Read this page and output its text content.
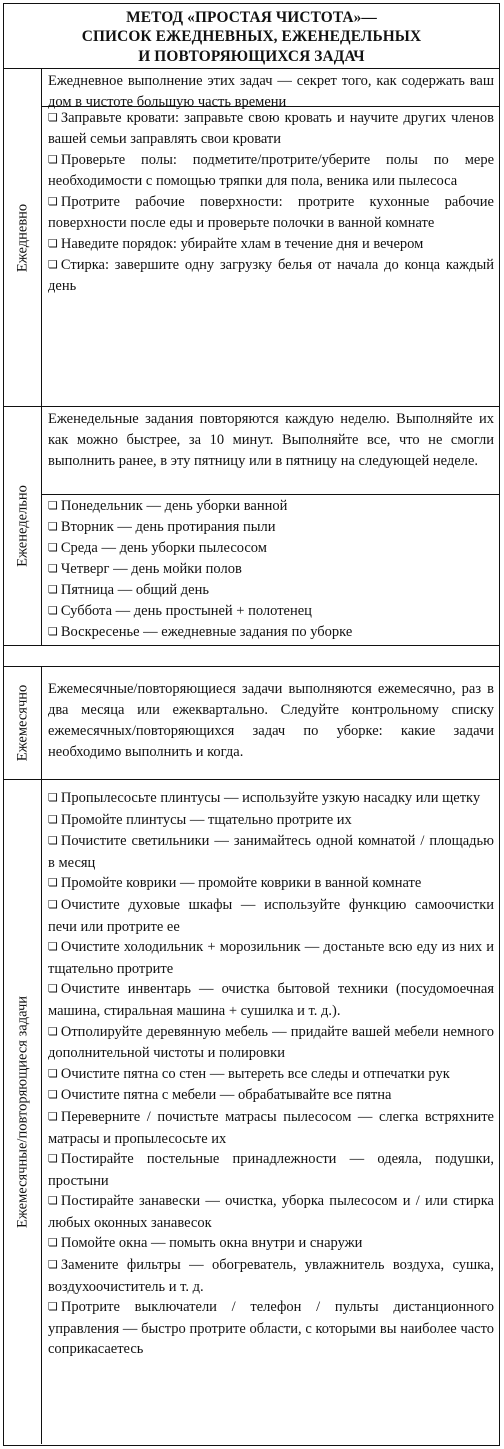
МЕТОД «ПРОСТАЯ ЧИСТОТА»—
СПИСОК ЕЖЕДНЕВНЫХ, ЕЖЕНЕДЕЛЬНЫХ
И ПОВТОРЯЮЩИХСЯ ЗАДАЧ
Ежедневно
Ежедневное выполнение этих задач — секрет того, как содержать ваш дом в чистоте большую часть времени

❏ Заправьте кровати: заправьте свою кровать и научите других членов вашей семьи заправлять свои кровати

❏ Проверьте полы: подметите/протрите/уберите полы по мере необходимости с помощью тряпки для пола, веника или пылесоса

❏ Протрите рабочие поверхности: протрите кухонные рабочие поверхности после еды и проверьте полочки в ванной комнате

❏ Наведите порядок: убирайте хлам в течение дня и вечером

❏ Стирка: завершите одну загрузку белья от начала до конца каждый день

Еженедельно
Еженедельные задания повторяются каждую неделю. Выполняйте их как можно быстрее, за 10 минут. Выполняйте все, что не смогли выполнить ранее, в эту пятницу или в пятницу на следующей неделе.

❏ Понедельник — день уборки ванной

❏ Вторник — день протирания пыли

❏ Среда — день уборки пылесосом

❏ Четверг — день мойки полов

❏ Пятница — общий день

❏ Суббота — день простыней + полотенец

❏ Воскресенье — ежедневные задания по уборке

Ежемесячно	Ежемесячные/повторяющиеся задачи выполняются ежемесячно, раз в два месяца или ежеквартально. Следуйте контрольному списку ежемесячных/повторяющихся задач по уборке: какие задачи необходимо выполнить и когда.
Ежемесячные/повторяющиеся задачи

❏ Пропылесосьте плинтусы — используйте узкую насадку или щетку

❏ Промойте плинтусы — тщательно протрите их

❏ Почистите светильники — занимайтесь одной комнатой / площадью в месяц

❏ Промойте коврики — промойте коврики в ванной комнате

❏ Очистите духовые шкафы — используйте функцию самоочистки печи или протрите ее

❏ Очистите холодильник + морозильник — достаньте всю еду из них и тщательно протрите

❏ Очистите инвентарь — очистка бытовой техники (посудомоечная машина, стиральная машина + сушилка и т. д.).

❏ Отполируйте деревянную мебель — придайте вашей мебели немного дополнительной чистоты и полировки

❏ Очистите пятна со стен — вытереть все следы и отпечатки рук

❏ Очистите пятна с мебели — обрабатывайте все пятна

❏ Переверните / почистьте матрасы пылесосом — слегка встряхните матрасы и пропылесосьте их

❏ Постирайте постельные принадлежности — одеяла, подушки, простыни

❏ Постирайте занавески — очистка, уборка пылесосом и / или стирка любых оконных занавесок

❏ Помойте окна — помыть окна внутри и снаружи

❏ Замените фильтры — обогреватель, увлажнитель воздуха, сушка, воздухоочиститель и т. д.

❏ Протрите выключатели / телефон / пульты дистанционного управления — быстро протрите области, с которыми вы наиболее часто соприкасаетесь
